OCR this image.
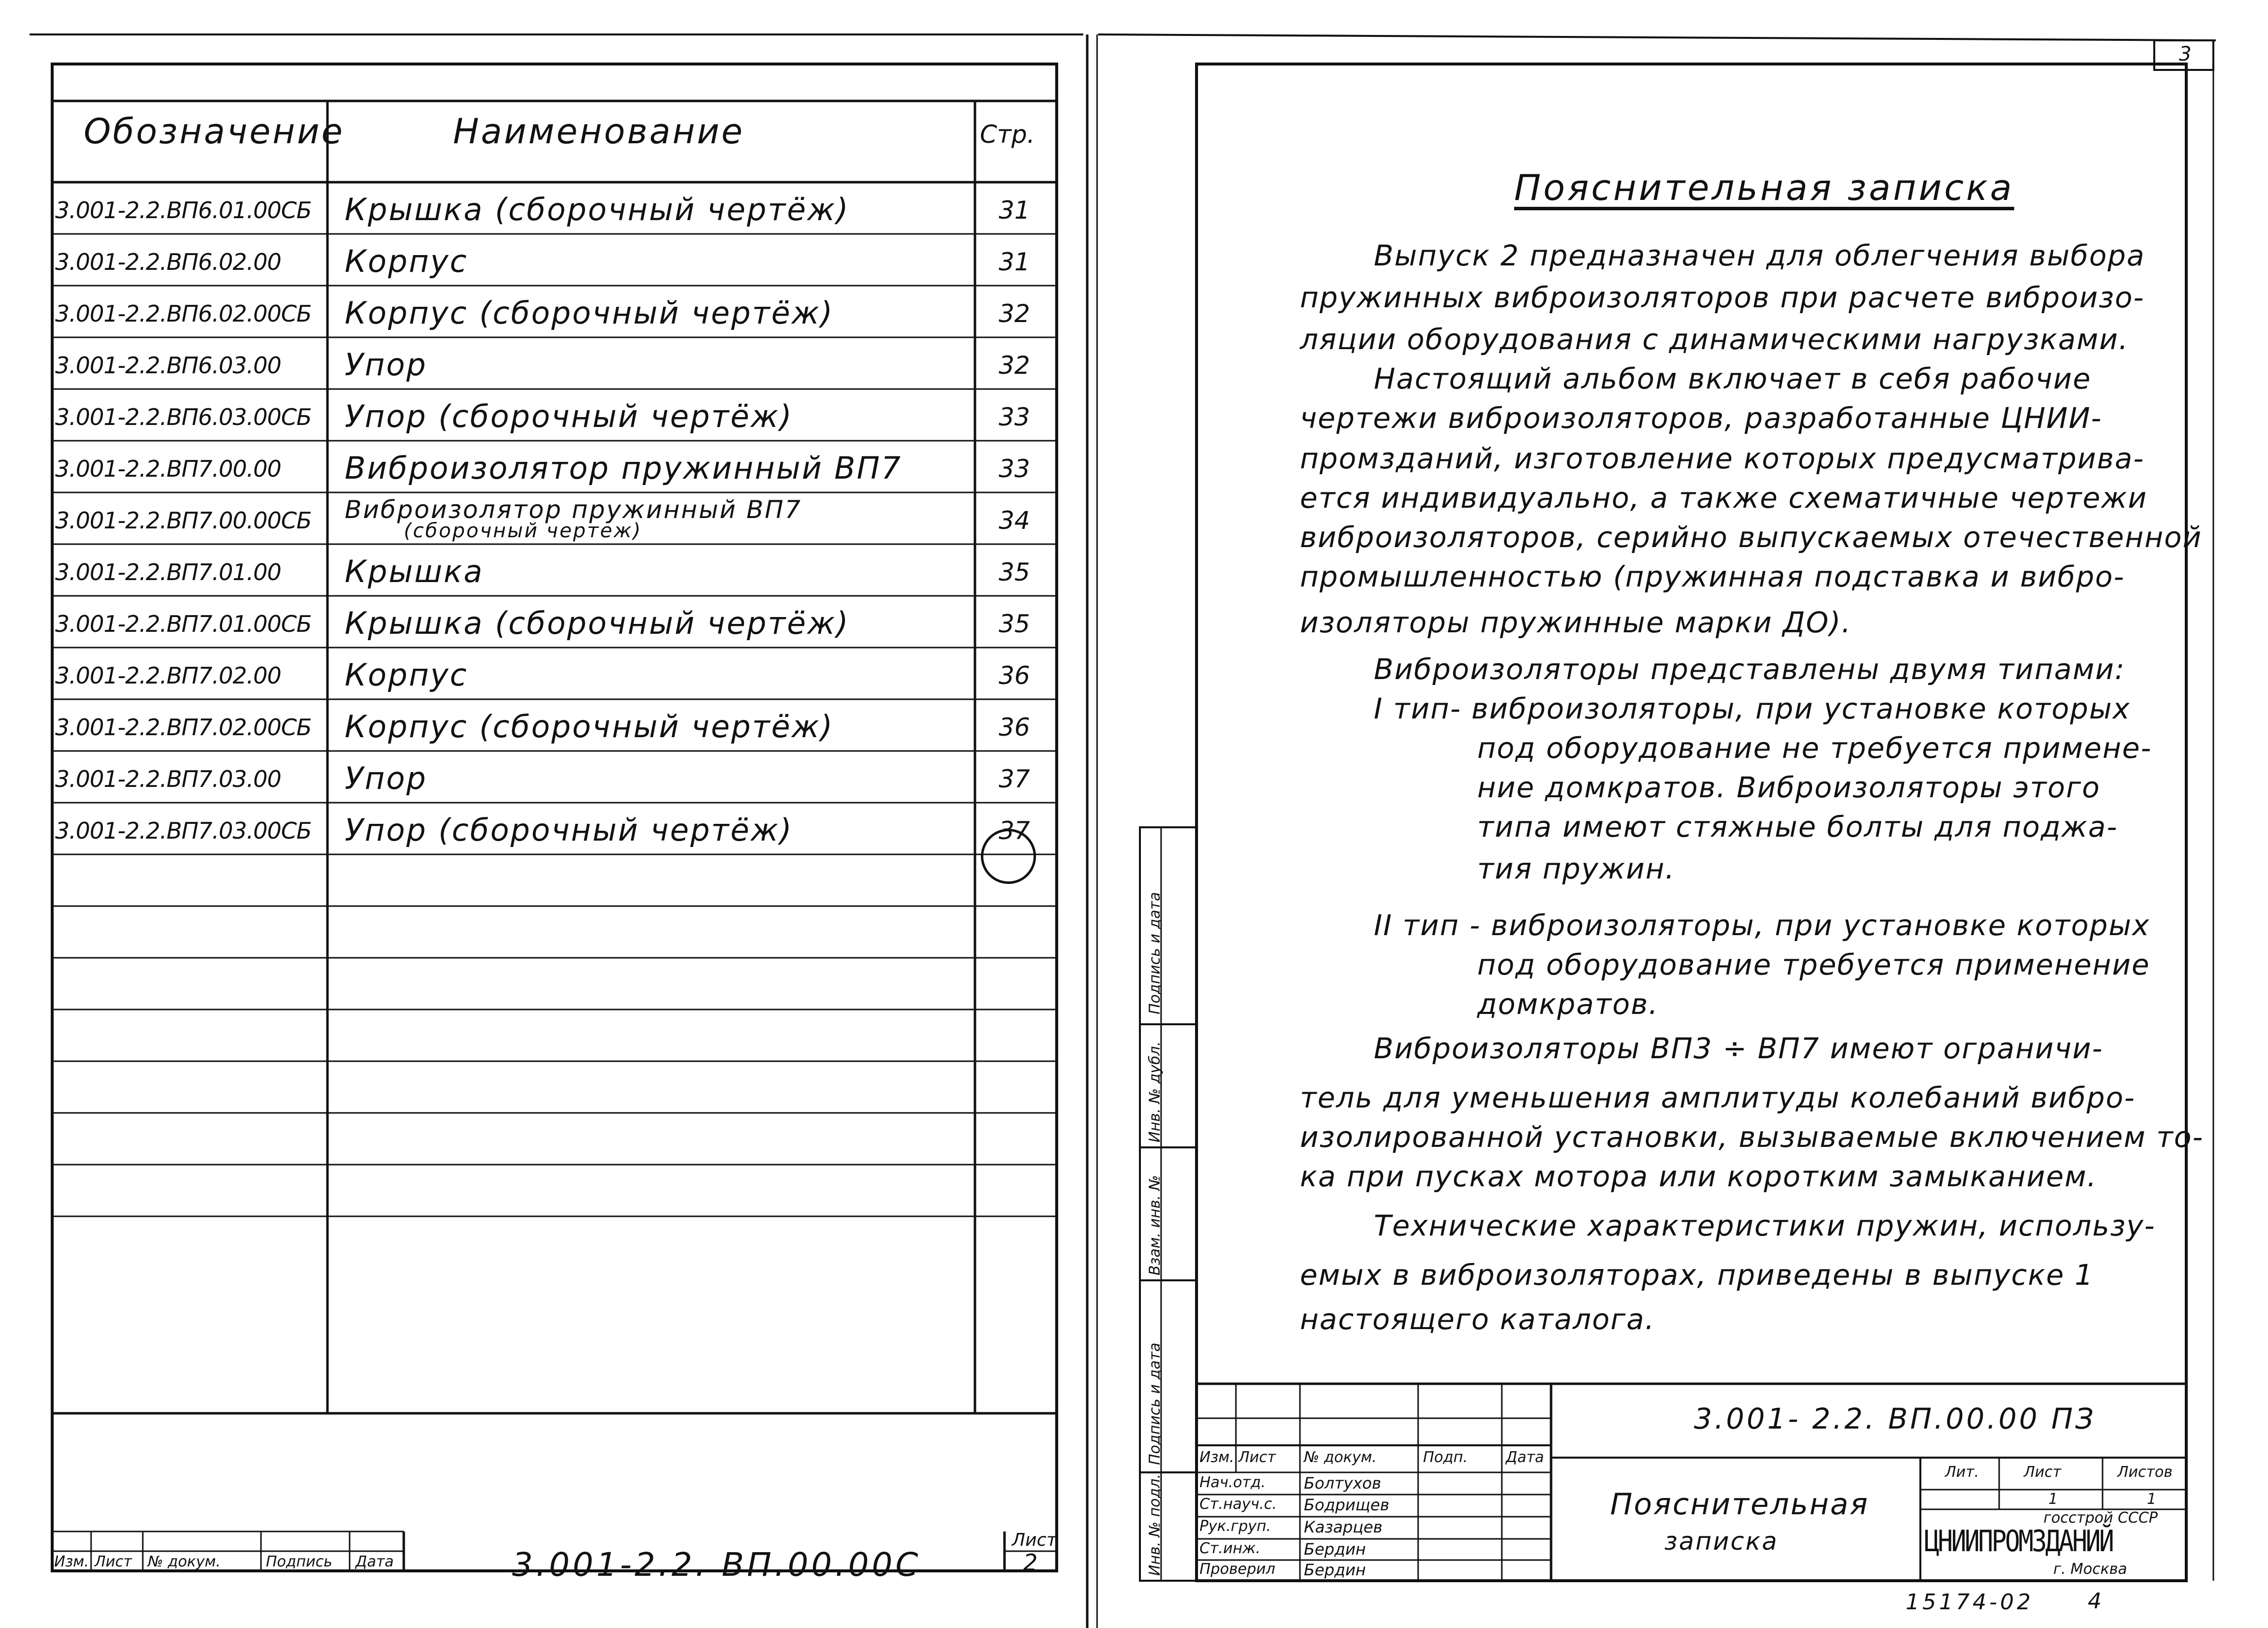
Обозначение	Наименование	Стр.
3.001-2.2.ВП6.01.00СБ Крышка (сборочный чертёж)	31
3.001-2.2.ВП6.02.00 Корпус	31
3.001-2.2.ВП6.02.00СБ Корпус (сборочный чертёж)	32
3.001-2.2.ВП6.03.00 Упор	32
3.001-2.2.ВП6.03.00СБ Упор (сборочный чертёж)	33
3.001-2.2.ВП7.00.00 Виброизолятор пружинный ВП7	33
3.001-2.2.ВП7.00.00СБ Виброизолятор пружинный ВП7
(сборочный чертеж)	34
3.001-2.2.ВП7.01.00 Крышка	35
3.001-2.2.ВП7.01.00СБ Крышка (сборочный чертёж)	35
3.001-2.2.ВП7.02.00 Корпус	36
3.001-2.2.ВП7.02.00СБ Корпус (сборочный чертёж)	36
3.001-2.2.ВП7.03.00 Упор	37
3.001-2.2.ВП7.03.00СБ Упор (сборочный чертёж)	37
3.001-2.2. ВП.00.00С
Лист
2
Изм. Лист № докум.	Подпись Дата
3
Пояснительная записка
Выпуск 2 предназначен для облегчения выбора
пружинных виброизоляторов при расчете виброизо-
ляции оборудования с динамическими нагрузками.
Настоящий альбом включает в себя рабочие
чертежи виброизоляторов, разработанные ЦНИИ-
промзданий, изготовление которых предусматрива-
ется индивидуально, а также схематичные чертежи
виброизоляторов, серийно выпускаемых отечественной
промышленностью (пружинная подставка и вибро-
изоляторы пружинные марки ДО).
Виброизоляторы представлены двумя типами:
I тип- виброизоляторы, при установке которых
под оборудование не требуется примене-
ние домкратов. Виброизоляторы этого
типа имеют стяжные болты для поджа-
тия пружин.
II тип - виброизоляторы, при установке которых
под оборудование требуется применение
домкратов.
Виброизоляторы ВП3 ÷ ВП7 имеют ограничи-
тель для уменьшения амплитуды колебаний вибро-
изолированной установки, вызываемые включением то-
ка при пусках мотора или коротким замыканием.
Технические характеристики пружин, использу-
емых в виброизоляторах, приведены в выпуске 1
настоящего каталога.
Инв. № подл.
Подпись и дата
Взам. инв. №
Инв. № дубл.
Подпись и дата
3.001- 2.2. ВП.00.00 ПЗ
Пояснительная
записка
Изм. Лист № докум.	Подп.	Дата
Нач.отд. Болтухов
Ст.науч.с. Бодрищев
Рук.груп. Казарцев
Ст.инж.	Бердин
Проверил Бердин
Лит.	Лист	Листов
1	1
госстрой СССР
ЦНИИПРОМЗДАНИЙ
г. Москва
15174-02	4
